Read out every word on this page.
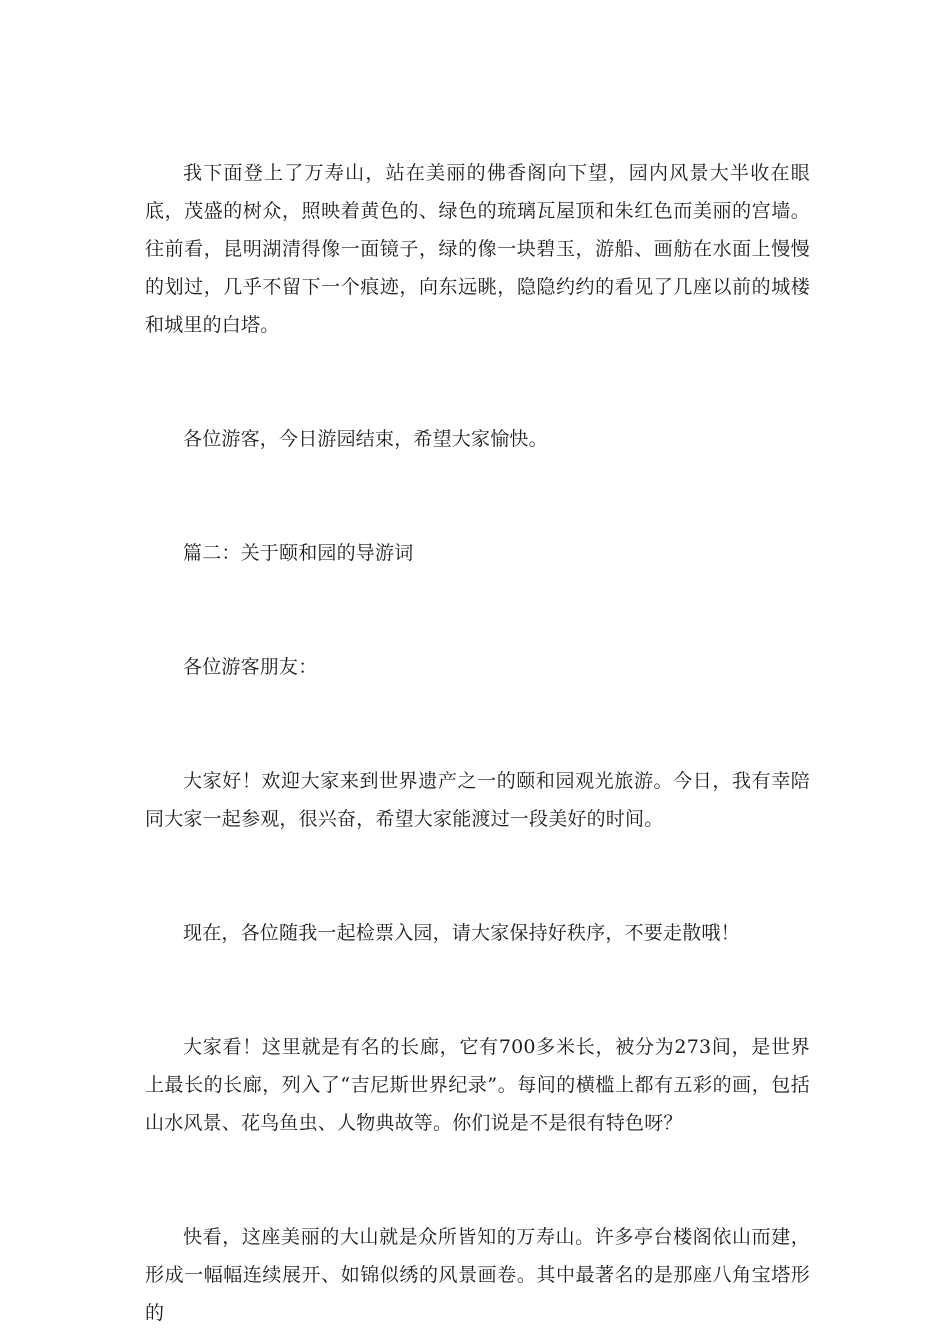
我下面登上了万寿山，站在美丽的佛香阁向下望，园内风景大半收在眼底，茂盛的树众，照映着黄色的、绿色的琉璃瓦屋顶和朱红色而美丽的宫墙。往前看，昆明湖清得像一面镜子，绿的像一块碧玉，游船、画舫在水面上慢慢的划过，几乎不留下一个痕迹，向东远眺，隐隐约约的看见了几座以前的城楼和城里的白塔。

各位游客，今日游园结束，希望大家愉快。

篇二：关于颐和园的导游词

各位游客朋友：

大家好！欢迎大家来到世界遗产之一的颐和园观光旅游。今日，我有幸陪同大家一起参观，很兴奋，希望大家能渡过一段美好的时间。

现在，各位随我一起检票入园，请大家保持好秩序，不要走散哦！

大家看！这里就是有名的长廊，它有700多米长，被分为273间，是世界上最长的长廊，列入了“吉尼斯世界纪录”。每间的横槛上都有五彩的画，包括山水风景、花鸟鱼虫、人物典故等。你们说是不是很有特色呀？

快看，这座美丽的大山就是众所皆知的万寿山。许多亭台楼阁依山而建，形成一幅幅连续展开、如锦似绣的风景画卷。其中最著名的是那座八角宝塔形的
